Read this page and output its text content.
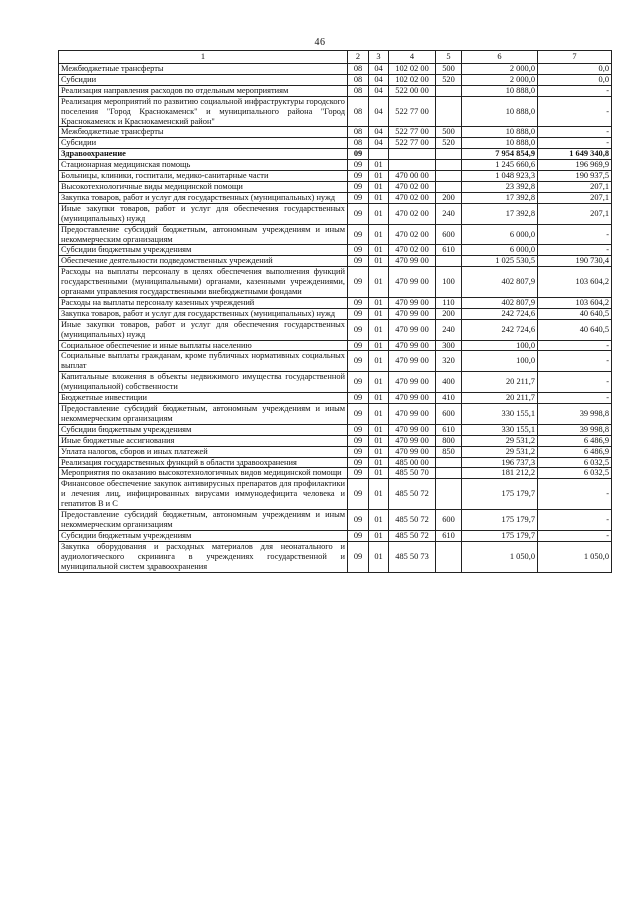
46
1	2	3	4	5	6	7
Межбюджетные трансферты	08	04	102 02 00	500	2 000,0	0,0
Субсидии	08	04	102 02 00	520	2 000,0	0,0
Реализация направления расходов по отдельным мероприятиям	08	04	522 00 00		10 888,0	-
Реализация мероприятий по развитию социальной инфраструктуры городского поселения "Город Краснокаменск" и муниципального района "Город Краснокаменск и Краснокаменский район"	08	04	522 77 00		10 888,0	-
Межбюджетные трансферты	08	04	522 77 00	500	10 888,0	-
Субсидии	08	04	522 77 00	520	10 888,0	-
Здравоохранение	09				7 954 854,9	1 649 340,8
Стационарная медицинская помощь	09	01			1 245 660,6	196 969,9
Больницы, клиники, госпитали, медико-санитарные части	09	01	470 00 00		1 048 923,3	190 937,5
Высокотехнологичные виды медицинской помощи	09	01	470 02 00		23 392,8	207,1
Закупка товаров, работ и услуг для государственных (муниципальных) нужд	09	01	470 02 00	200	17 392,8	207,1
Иные закупки товаров, работ и услуг для обеспечения государственных (муниципальных) нужд	09	01	470 02 00	240	17 392,8	207,1
Предоставление субсидий бюджетным, автономным учреждениям и иным некоммерческим организациям	09	01	470 02 00	600	6 000,0	-
Субсидии бюджетным учреждениям	09	01	470 02 00	610	6 000,0	-
Обеспечение деятельности подведомственных учреждений	09	01	470 99 00		1 025 530,5	190 730,4
Расходы на выплаты персоналу в целях обеспечения выполнения функций государственными (муниципальными) органами, казенными учреждениями, органами управления государственными внебюджетными фондами	09	01	470 99 00	100	402 807,9	103 604,2
Расходы на выплаты персоналу казенных учреждений	09	01	470 99 00	110	402 807,9	103 604,2
Закупка товаров, работ и услуг для государственных (муниципальных) нужд	09	01	470 99 00	200	242 724,6	40 640,5
Иные закупки товаров, работ и услуг для обеспечения государственных (муниципальных) нужд	09	01	470 99 00	240	242 724,6	40 640,5
Социальное обеспечение и иные выплаты населению	09	01	470 99 00	300	100,0	-
Социальные выплаты гражданам, кроме публичных нормативных социальных выплат	09	01	470 99 00	320	100,0	-
Капитальные вложения в объекты недвижимого имущества государственной (муниципальной) собственности	09	01	470 99 00	400	20 211,7	-
Бюджетные инвестиции	09	01	470 99 00	410	20 211,7	-
Предоставление субсидий бюджетным, автономным учреждениям и иным некоммерческим организациям	09	01	470 99 00	600	330 155,1	39 998,8
Субсидии бюджетным учреждениям	09	01	470 99 00	610	330 155,1	39 998,8
Иные бюджетные ассигнования	09	01	470 99 00	800	29 531,2	6 486,9
Уплата налогов, сборов и иных платежей	09	01	470 99 00	850	29 531,2	6 486,9
Реализация государственных функций в области здравоохранения	09	01	485 00 00		196 737,3	6 032,5
Мероприятия по оказанию высокотехнологичных видов медицинской помощи	09	01	485 50 70		181 212,2	6 032,5
Финансовое обеспечение закупок антивирусных препаратов для профилактики и лечения лиц, инфицированных вирусами иммунодефицита человека и гепатитов В и С	09	01	485 50 72		175 179,7	-
Предоставление субсидий бюджетным, автономным учреждениям и иным некоммерческим организациям	09	01	485 50 72	600	175 179,7	-
Субсидии бюджетным учреждениям	09	01	485 50 72	610	175 179,7	-
Закупка оборудования и расходных материалов для неонатального и аудиологического скрининга в учреждениях государственной и муниципальной систем здравоохранения	09	01	485 50 73		1 050,0	1 050,0
